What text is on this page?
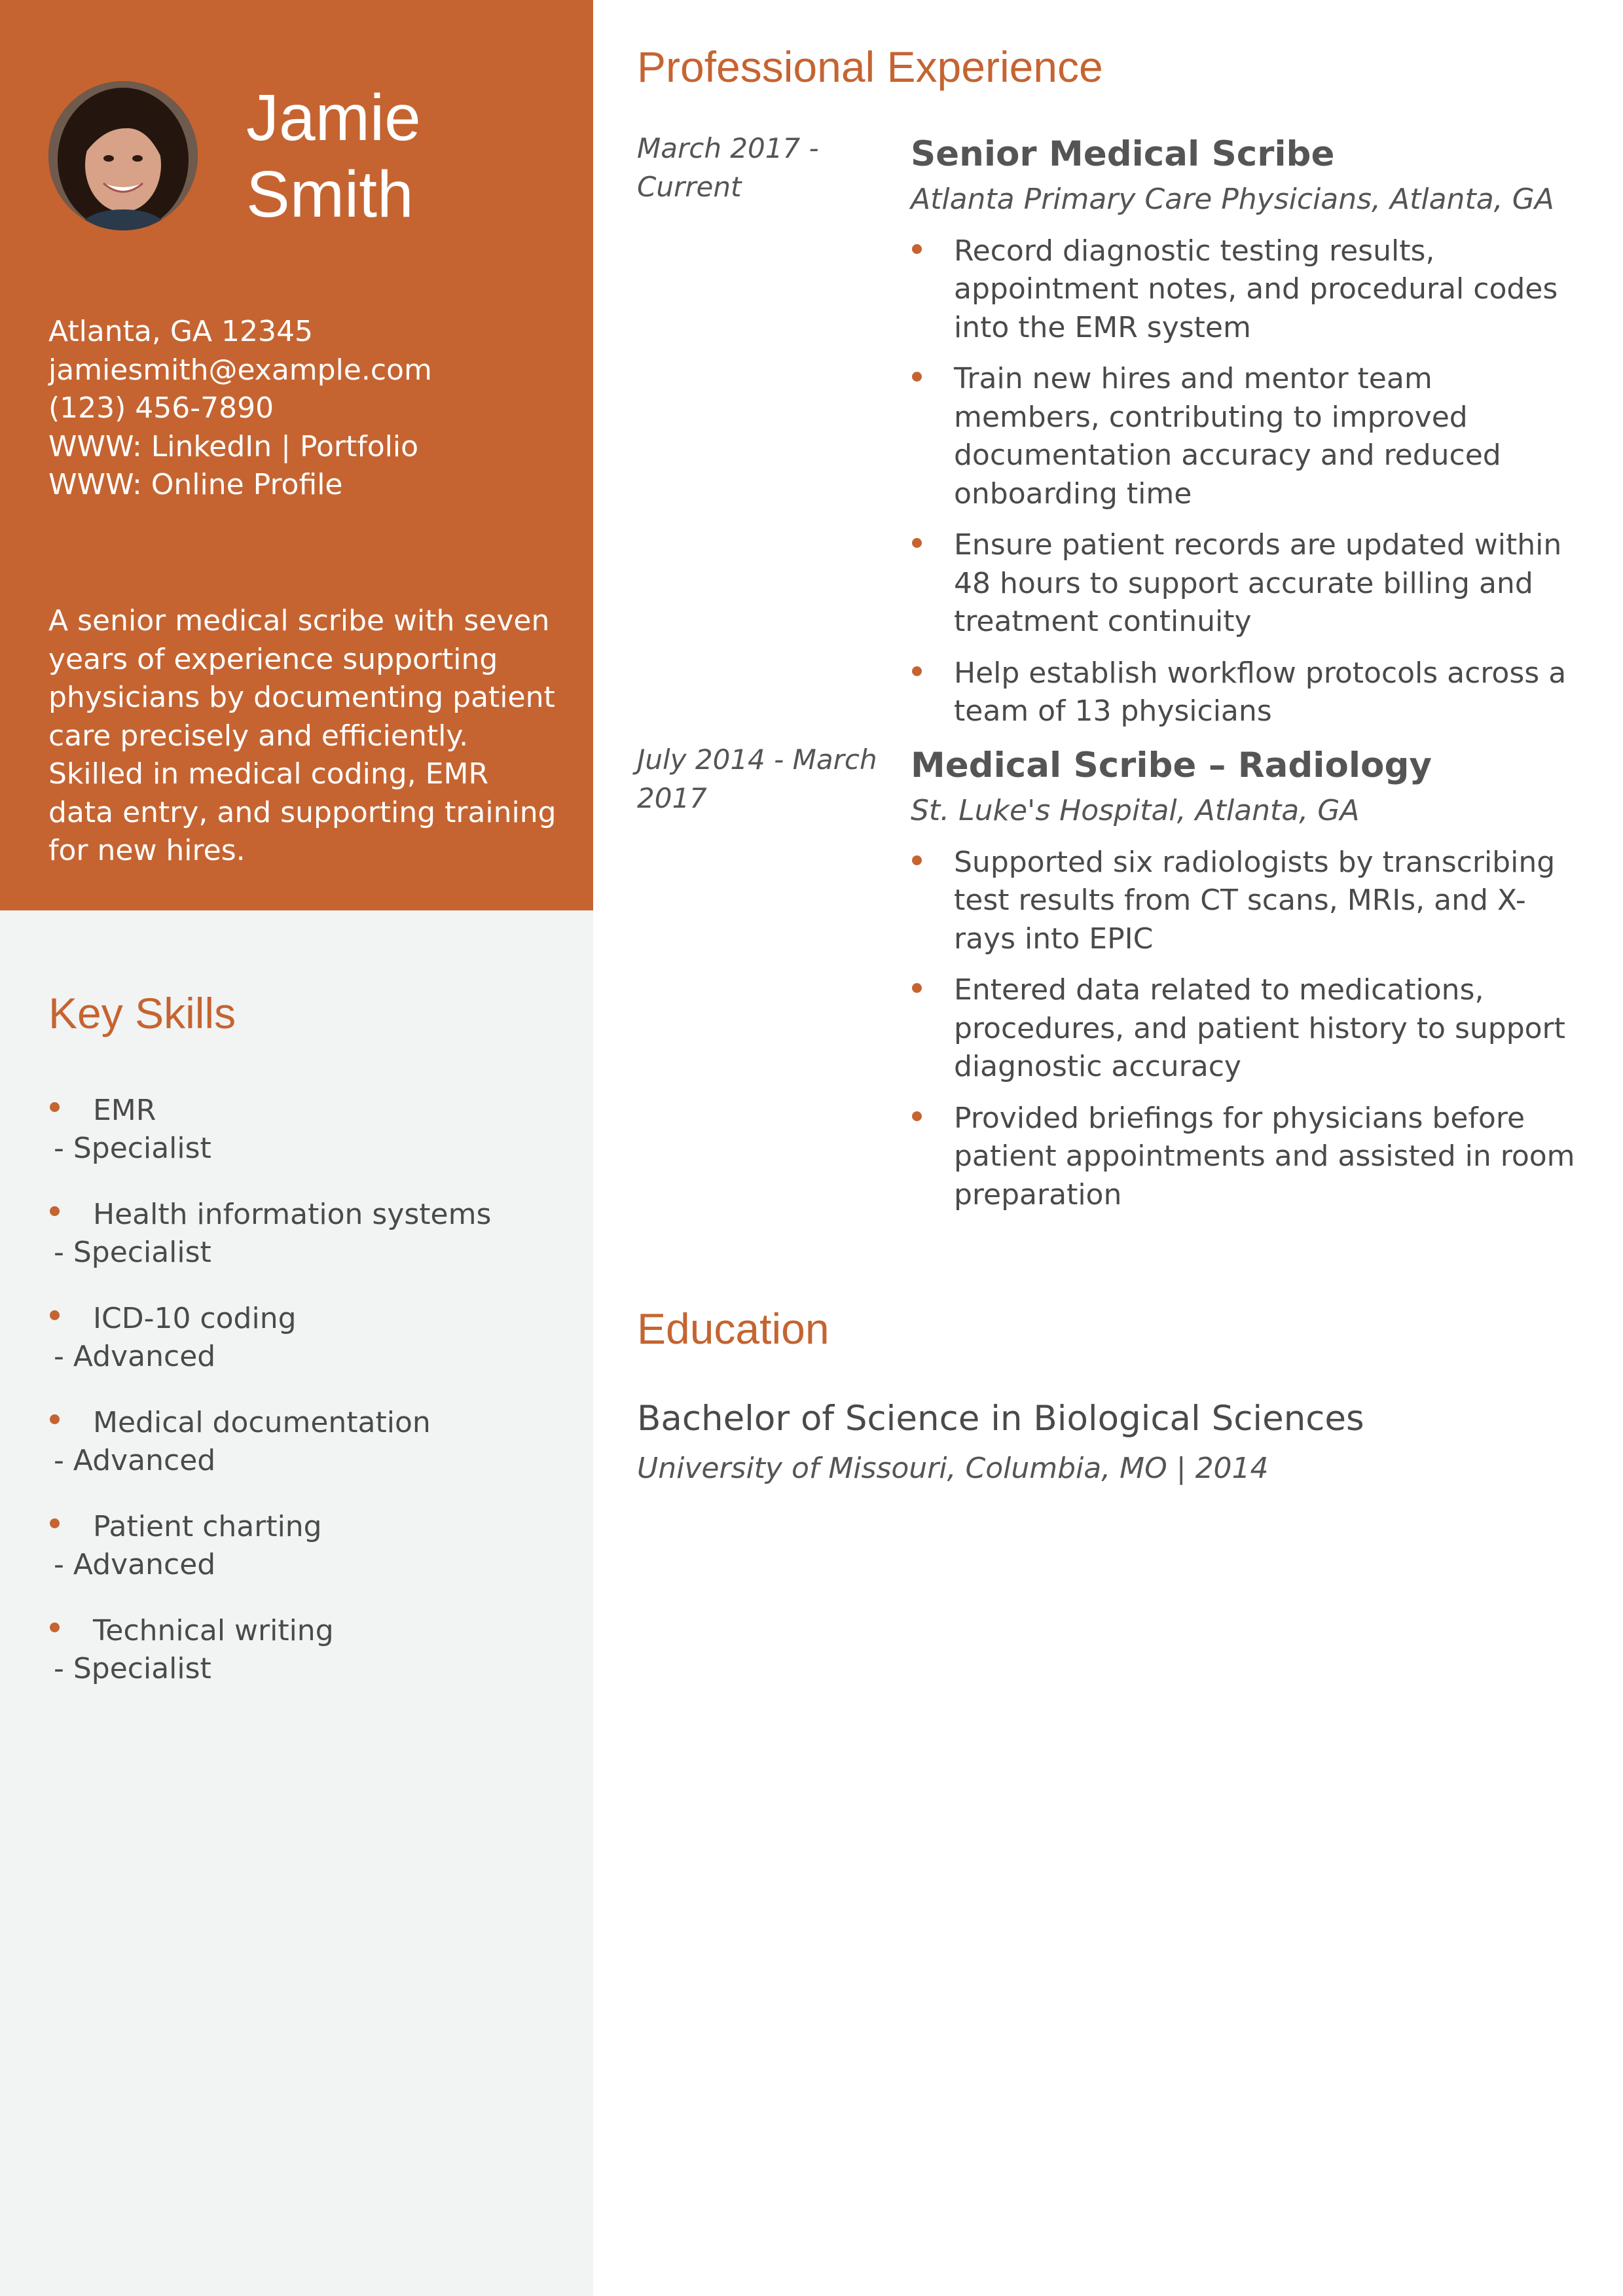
Jamie
Smith
Atlanta, GA 12345
jamiesmith@example.com
(123) 456-7890
WWW: LinkedIn | Portfolio
WWW: Online Profile
A senior medical scribe with seven years of experience supporting physicians by documenting patient care precisely and efficiently. Skilled in medical coding, EMR data entry, and supporting training for new hires.
Key Skills
EMR
- Specialist
Health information systems
- Specialist
ICD-10 coding
- Advanced
Medical documentation
- Advanced
Patient charting
- Advanced
Technical writing
- Specialist
Professional Experience
March 2017 - Current
Senior Medical Scribe
Atlanta Primary Care Physicians, Atlanta, GA
Record diagnostic testing results, appointment notes, and procedural codes into the EMR system
Train new hires and mentor team members, contributing to improved documentation accuracy and reduced onboarding time
Ensure patient records are updated within 48 hours to support accurate billing and treatment continuity
Help establish workflow protocols across a team of 13 physicians
July 2014 - March 2017
Medical Scribe – Radiology
St. Luke's Hospital, Atlanta, GA
Supported six radiologists by transcribing test results from CT scans, MRIs, and X-rays into EPIC
Entered data related to medications, procedures, and patient history to support diagnostic accuracy
Provided briefings for physicians before patient appointments and assisted in room preparation
Education
Bachelor of Science in Biological Sciences
University of Missouri, Columbia, MO | 2014
